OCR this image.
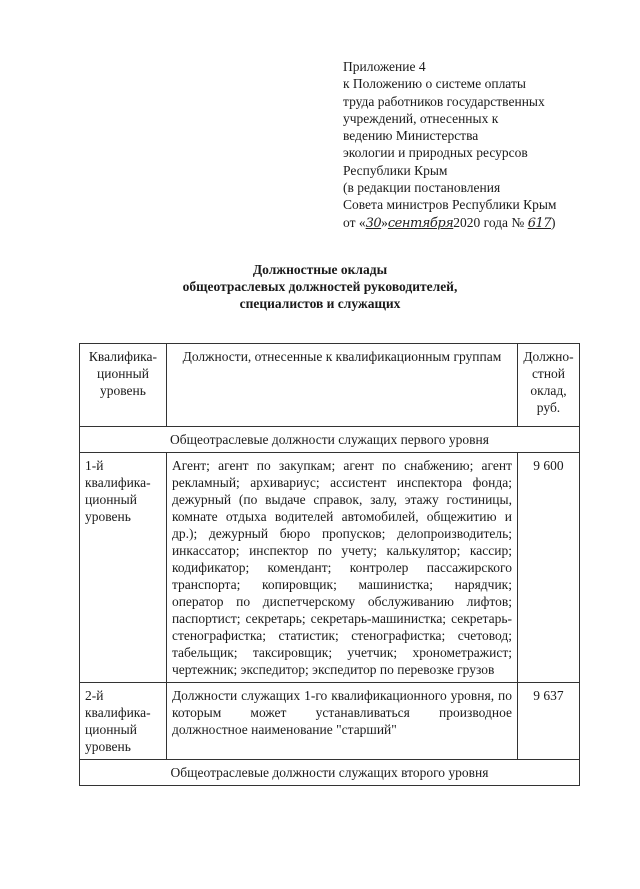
Приложение 4
к Положению о системе оплаты
труда работников государственных
учреждений, отнесенных к
ведению Министерства
экологии и природных ресурсов
Республики Крым
(в редакции постановления
Совета министров Республики Крым
от «30»сентября2020 года № 617)
Должностные оклады
общеотраслевых должностей руководителей,
специалистов и служащих
Квалифика-ционный уровень	Должности, отнесенные к квалификационным группам	Должно-стной оклад, руб.
Общеотраслевые должности служащих первого уровня		
1-й квалифика-ционный уровень	Агент; агент по закупкам; агент по снабжению; агент рекламный; архивариус; ассистент инспектора фонда; дежурный (по выдаче справок, залу, этажу гостиницы, комнате отдыха водителей автомобилей, общежитию и др.); дежурный бюро пропусков; делопроизводитель; инкассатор; инспектор по учету; калькулятор; кассир; кодификатор; комендант; контролер пассажирского транспорта; копировщик; машинистка; нарядчик; оператор по диспетчерскому обслуживанию лифтов; паспортист; секретарь; секретарь-машинистка; секретарь-стенографистка; статистик; стенографистка; счетовод; табельщик; таксировщик; учетчик; хронометражист; чертежник; экспедитор; экспедитор по перевозке грузов	9 600
2-й квалифика-ционный уровень	Должности служащих 1-го квалификационного уровня, по которым может устанавливаться производное должностное наименование "старший"	9 637
Общеотраслевые должности служащих второго уровня		
